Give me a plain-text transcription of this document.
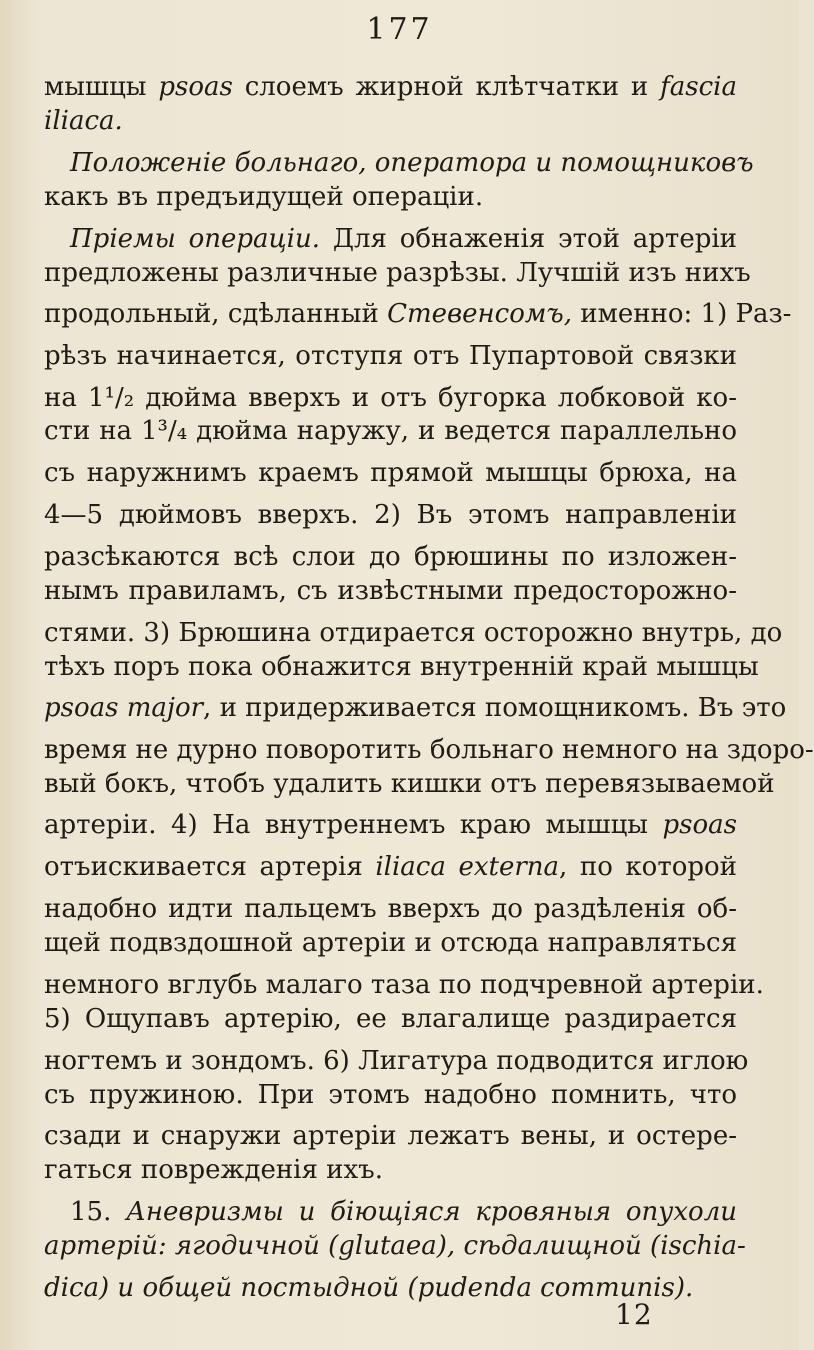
177
мышцы psoas слоемъ жирной клѣтчатки и fascia
iliaca.
Положеніе больнаго, оператора и помощниковъ
какъ въ предъидущей операціи.
Пріемы операціи. Для обнаженія этой артеріи
предложены различные разрѣзы. Лучшій изъ нихъ
продольный, сдѣланный Стевенсомъ, именно: 1) Раз-
рѣзъ начинается, отступя отъ Пупартовой связки
на 1¹/₂ дюйма вверхъ и отъ бугорка лобковой ко-
сти на 1³/₄ дюйма наружу, и ведется параллельно
съ наружнимъ краемъ прямой мышцы брюха, на
4—5 дюймовъ вверхъ. 2) Въ этомъ направленіи
разсѣкаются всѣ слои до брюшины по изложен-
нымъ правиламъ, съ извѣстными предосторожно-
стями. 3) Брюшина отдирается осторожно внутрь, до
тѣхъ поръ пока обнажится внутренній край мышцы
psoas major, и придерживается помощникомъ. Въ это
время не дурно поворотить больнаго немного на здоро-
вый бокъ, чтобъ удалить кишки отъ перевязываемой
артеріи. 4) На внутреннемъ краю мышцы psoas
отъискивается артерія iliaca externa, по которой
надобно идти пальцемъ вверхъ до раздѣленія об-
щей подвздошной артеріи и отсюда направляться
немного вглубь малаго таза по подчревной артеріи.
5) Ощупавъ артерію, ее влагалище раздирается
ногтемъ и зондомъ. 6) Лигатура подводится иглою
съ пружиною. При этомъ надобно помнить, что
сзади и снаружи артеріи лежатъ вены, и остере-
гаться поврежденія ихъ.
15. Аневризмы и біющіяся кровяныя опухоли
артерій: ягодичной (glutaea), сѣдалищной (ischia-
dica) и общей постыдной (pudenda communis).
12
